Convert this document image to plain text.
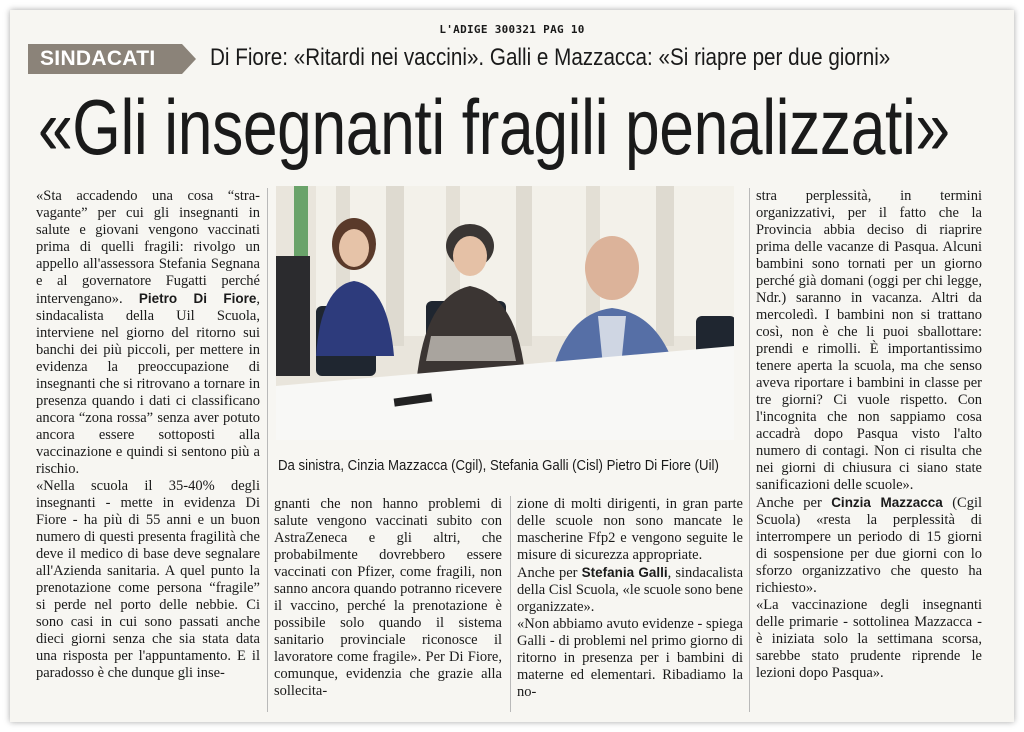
L'ADIGE 300321 PAG 10
SINDACATI Di Fiore: «Ritardi nei vaccini». Galli e Mazzacca: «Si riapre per due giorni»
«Gli insegnanti fragili penalizzati»

«Sta accadendo una cosa “stra-vagante” per cui gli insegnanti in salute e giovani vengono vaccinati prima di quelli fragili: rivolgo un appello all'assessora Stefania Segnana e al governatore Fugatti perché intervengano». Pietro Di Fiore, sindacalista della Uil Scuola, interviene nel giorno del ritorno sui banchi dei più piccoli, per mettere in evidenza la preoccupazione di insegnanti che si ritrovano a tornare in presenza quando i dati ci classificano ancora “zona rossa” senza aver potuto ancora essere sottoposti alla vaccinazione e quindi si sentono più a rischio.

«Nella scuola il 35-40% degli insegnanti - mette in evidenza Di Fiore - ha più di 55 anni e un buon numero di questi presenta fragilità che deve il medico di base deve segnalare all'Azienda sanitaria. A quel punto la prenotazione come persona “fragile” si perde nel porto delle nebbie. Ci sono casi in cui sono passati anche dieci giorni senza che sia stata data una risposta per l'appuntamento. E il paradosso è che dunque gli inse-

Da sinistra, Cinzia Mazzacca (Cgil), Stefania Galli (Cisl) Pietro Di Fiore (Uil)

gnanti che non hanno problemi di salute vengono vaccinati subito con AstraZeneca e gli altri, che probabilmente dovrebbero essere vaccinati con Pfizer, come fragili, non sanno ancora quando potranno ricevere il vaccino, perché la prenotazione è possibile solo quando il sistema sanitario provinciale riconosce il lavoratore come fragile». Per Di Fiore, comunque, evidenzia che grazie alla sollecita-

zione di molti dirigenti, in gran parte delle scuole non sono mancate le mascherine Ffp2 e vengono seguite le misure di sicurezza appropriate.

Anche per Stefania Galli, sindacalista della Cisl Scuola, «le scuole sono bene organizzate».

«Non abbiamo avuto evidenze - spiega Galli - di problemi nel primo giorno di ritorno in presenza per i bambini di materne ed elementari. Ribadiamo la no-

stra perplessità, in termini organizzativi, per il fatto che la Provincia abbia deciso di riaprire prima delle vacanze di Pasqua. Alcuni bambini sono tornati per un giorno perché già domani (oggi per chi legge, Ndr.) saranno in vacanza. Altri da mercoledì. I bambini non si trattano così, non è che li puoi sballottare: prendi e rimolli. È importantissimo tenere aperta la scuola, ma che senso aveva riportare i bambini in classe per tre giorni? Ci vuole rispetto. Con l'incognita che non sappiamo cosa accadrà dopo Pasqua visto l'alto numero di contagi. Non ci risulta che nei giorni di chiusura ci siano state sanificazioni delle scuole».

Anche per Cinzia Mazzacca (Cgil Scuola) «resta la perplessità di interrompere un periodo di 15 giorni di sospensione per due giorni con lo sforzo organizzativo che questo ha richiesto».

«La vaccinazione degli insegnanti delle primarie - sottolinea Mazzacca - è iniziata solo la settimana scorsa, sarebbe stato prudente riprende le lezioni dopo Pasqua».
